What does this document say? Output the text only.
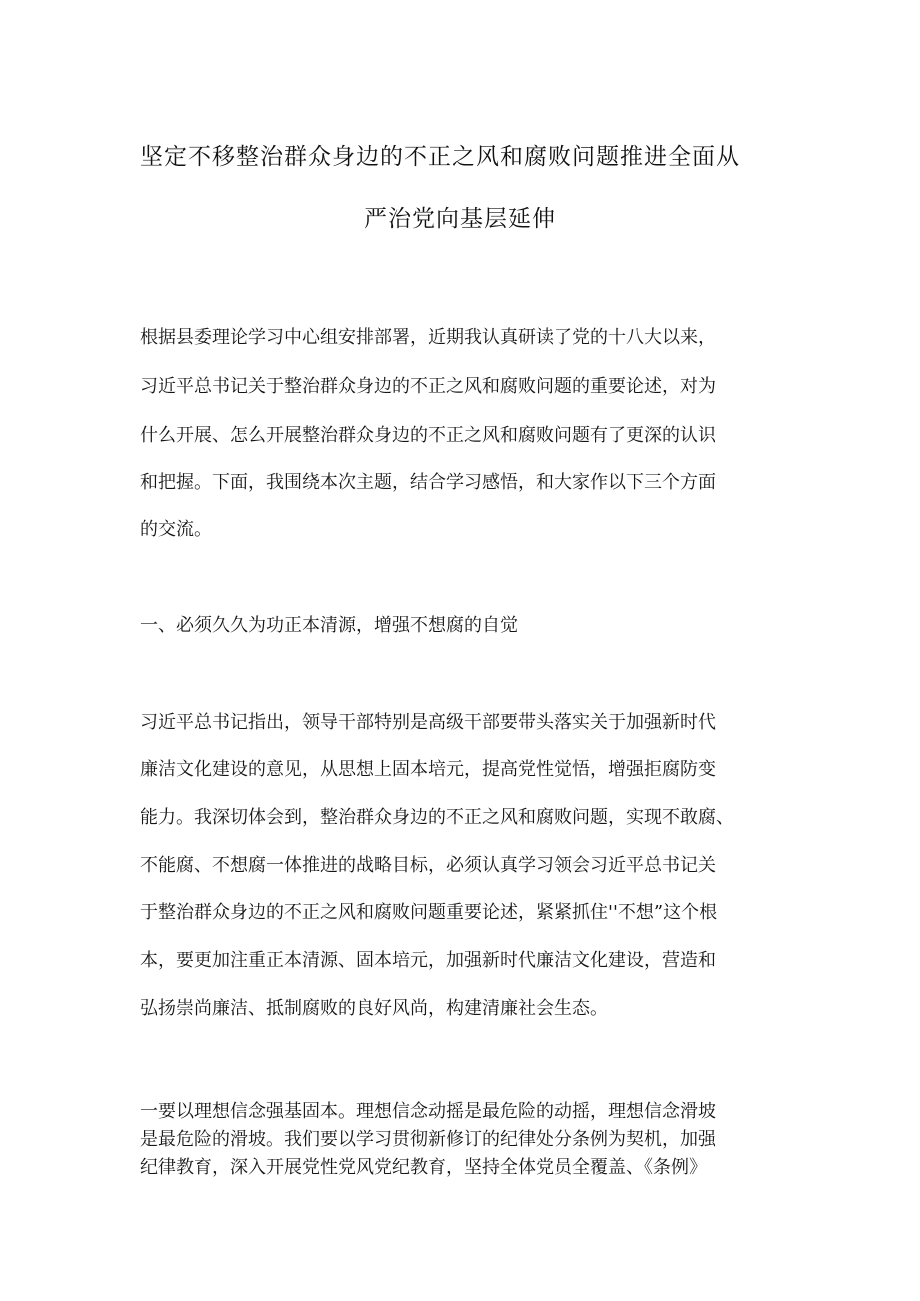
坚定不移整治群众身边的不正之风和腐败问题推进全面从
严治党向基层延伸
根据县委理论学习中心组安排部署，近期我认真研读了党的十八大以来，
习近平总书记关于整治群众身边的不正之风和腐败问题的重要论述，对为
什么开展、怎么开展整治群众身边的不正之风和腐败问题有了更深的认识
和把握。下面，我围绕本次主题，结合学习感悟，和大家作以下三个方面
的交流。
一、必须久久为功正本清源，增强不想腐的自觉
习近平总书记指出，领导干部特别是高级干部要带头落实关于加强新时代
廉洁文化建设的意见，从思想上固本培元，提高党性觉悟，增强拒腐防变
能力。我深切体会到，整治群众身边的不正之风和腐败问题，实现不敢腐、
不能腐、不想腐一体推进的战略目标，必须认真学习领会习近平总书记关
于整治群众身边的不正之风和腐败问题重要论述，紧紧抓住''不想”这个根
本，要更加注重正本清源、固本培元，加强新时代廉洁文化建设，营造和
弘扬崇尚廉洁、抵制腐败的良好风尚，构建清廉社会生态。
一要以理想信念强基固本。理想信念动摇是最危险的动摇，理想信念滑坡
是最危险的滑坡。我们要以学习贯彻新修订的纪律处分条例为契机，加强
纪律教育，深入开展党性党风党纪教育，坚持全体党员全覆盖、《条例》
